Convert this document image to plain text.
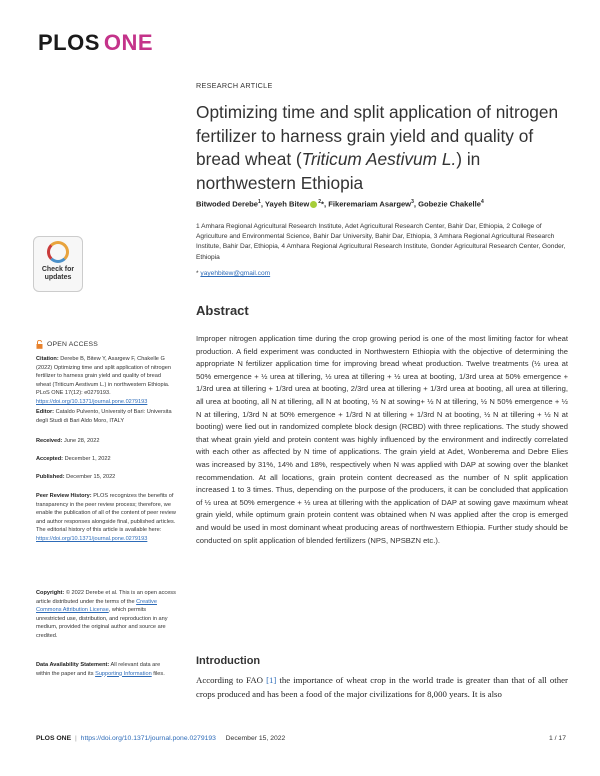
PLOS ONE
RESEARCH ARTICLE
Optimizing time and split application of nitrogen fertilizer to harness grain yield and quality of bread wheat (Triticum Aestivum L.) in northwestern Ethiopia
Bitwoded Derebe$^1$, Yayeh Bitew $^2$*, Fikeremariam Asargew$^3$, Gobezie Chakelle$^4$
1 Amhara Regional Agricultural Research Institute, Adet Agricultural Research Center, Bahir Dar, Ethiopia, 2 College of Agriculture and Environmental Science, Bahir Dar University, Bahir Dar, Ethiopia, 3 Amhara Regional Agricultural Research Institute, Bahir Dar, Ethiopia, 4 Amhara Regional Agricultural Research Institute, Gonder Agricultural Research Center, Gonder, Ethiopia
* yayehbitew@gmail.com
Check for updates
OPEN ACCESS
Citation: Derebe B, Bitew Y, Asargew F, Chakelle G (2022) Optimizing time and split application of nitrogen fertilizer to harness grain yield and quality of bread wheat (Triticum Aestivum L.) in northwestern Ethiopia. PLoS ONE 17(12): e0279193. https://doi.org/10.1371/journal.pone.0279193
Editor: Cataldo Pulvento, University of Bari: Universita degli Studi di Bari Aldo Moro, ITALY
Received: June 28, 2022
Accepted: December 1, 2022
Published: December 15, 2022
Peer Review History: PLOS recognizes the benefits of transparency in the peer review process; therefore, we enable the publication of all of the content of peer review and author responses alongside final, published articles. The editorial history of this article is available here: https://doi.org/10.1371/journal.pone.0279193
Copyright: © 2022 Derebe et al. This is an open access article distributed under the terms of the Creative Commons Attribution License, which permits unrestricted use, distribution, and reproduction in any medium, provided the original author and source are credited.
Data Availability Statement: All relevant data are within the paper and its Supporting Information files.
Abstract

Improper nitrogen application time during the crop growing period is one of the most limiting factor for wheat production. A field experiment was conducted in Northwestern Ethiopia with the objective of determining the appropriate N fertilizer application time for improving bread wheat production. Twelve treatments (½ urea at 50% emergence + ½ urea at tillering, ½ urea at tillering + ½ urea at booting, 1/3rd urea at 50% emergence + 1/3rd urea at tillering + 1/3rd urea at booting, 2/3rd urea at tillering + 1/3rd urea at booting, all urea at tillering, all urea at booting, all N at tillering, all N at booting, ½ N at sowing+ ½ N at tillering, ½ N 50% emergence + ½ N at tillering, 1/3rd N at 50% emergence + 1/3rd N at tillering + 1/3rd N at booting, ½ N at tillering + ½ N at booting) were lied out in randomized complete block design (RCBD) with three replications. The study showed that wheat grain yield and protein content was highly influenced by the environment and indirectly correlated with each other as affected by N time of applications. The grain yield at Adet, Wonberema and Debre Elies was increased by 31%, 14% and 18%, respectively when N was applied with DAP at sowing over the blanket recommendation. At all locations, grain protein content decreased as the number of N split application increased 1 to 3 times. Thus, depending on the purpose of the producers, it can be concluded that application of ½ urea at 50% emergence + ½ urea at tillering with the application of DAP at sowing gave maximum wheat grain yield, while optimum grain protein content was obtained when N was applied after the crop is emerged and would be used in most dominant wheat producing areas of northwestern Ethiopia. Further study should be conducted on split application of blended fertilizers (NPS, NPSBZN etc.).

Introduction

According to FAO [1] the importance of wheat crop in the world trade is greater than that of all other crops produced and has been a food of the major civilizations for 8,000 years. It is also

PLOS ONE | https://doi.org/10.1371/journal.pone.0279193 December 15, 2022	1 / 17
